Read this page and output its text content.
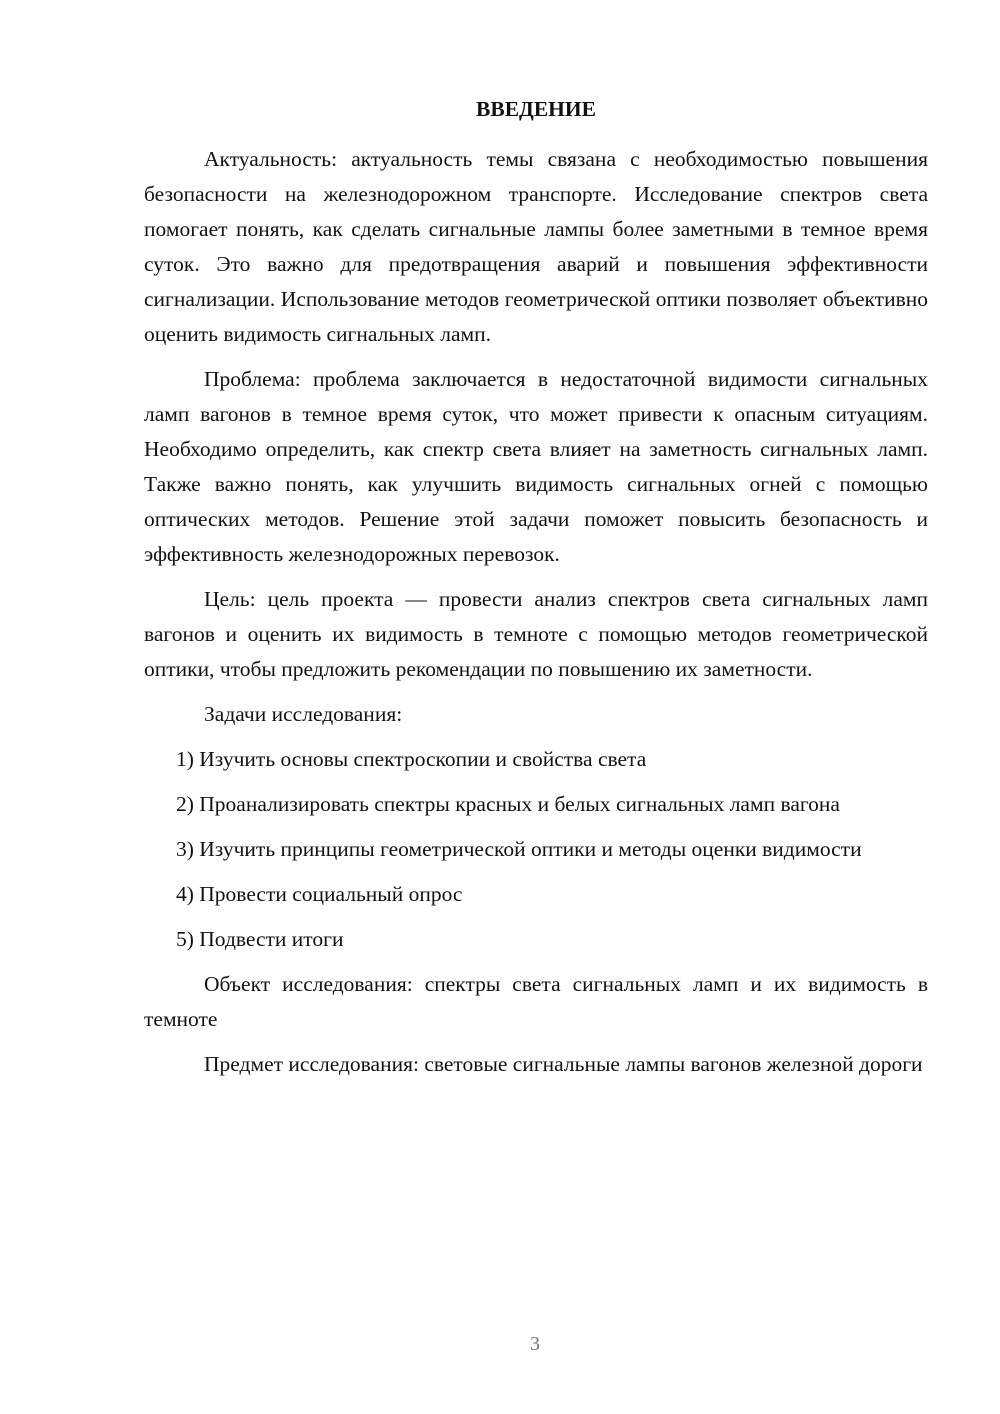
ВВЕДЕНИЕ

Актуальность: актуальность темы связана с необходимостью повышения безопасности на железнодорожном транспорте. Исследование спектров света помогает понять, как сделать сигнальные лампы более заметными в темное время суток. Это важно для предотвращения аварий и повышения эффективности сигнализации. Использование методов геометрической оптики позволяет объективно оценить видимость сигнальных ламп.

Проблема: проблема заключается в недостаточной видимости сигнальных ламп вагонов в темное время суток, что может привести к опасным ситуациям. Необходимо определить, как спектр света влияет на заметность сигнальных ламп. Также важно понять, как улучшить видимость сигнальных огней с помощью оптических методов. Решение этой задачи поможет повысить безопасность и эффективность железнодорожных перевозок.

Цель: цель проекта — провести анализ спектров света сигнальных ламп вагонов и оценить их видимость в темноте с помощью методов геометрической оптики, чтобы предложить рекомендации по повышению их заметности.

Задачи исследования:

1) Изучить основы спектроскопии и свойства света

2) Проанализировать спектры красных и белых сигнальных ламп вагона

3) Изучить принципы геометрической оптики и методы оценки видимости

4) Провести социальный опрос

5) Подвести итоги

Объект исследования: спектры света сигнальных ламп и их видимость в темноте

Предмет исследования: световые сигнальные лампы вагонов железной дороги

3
